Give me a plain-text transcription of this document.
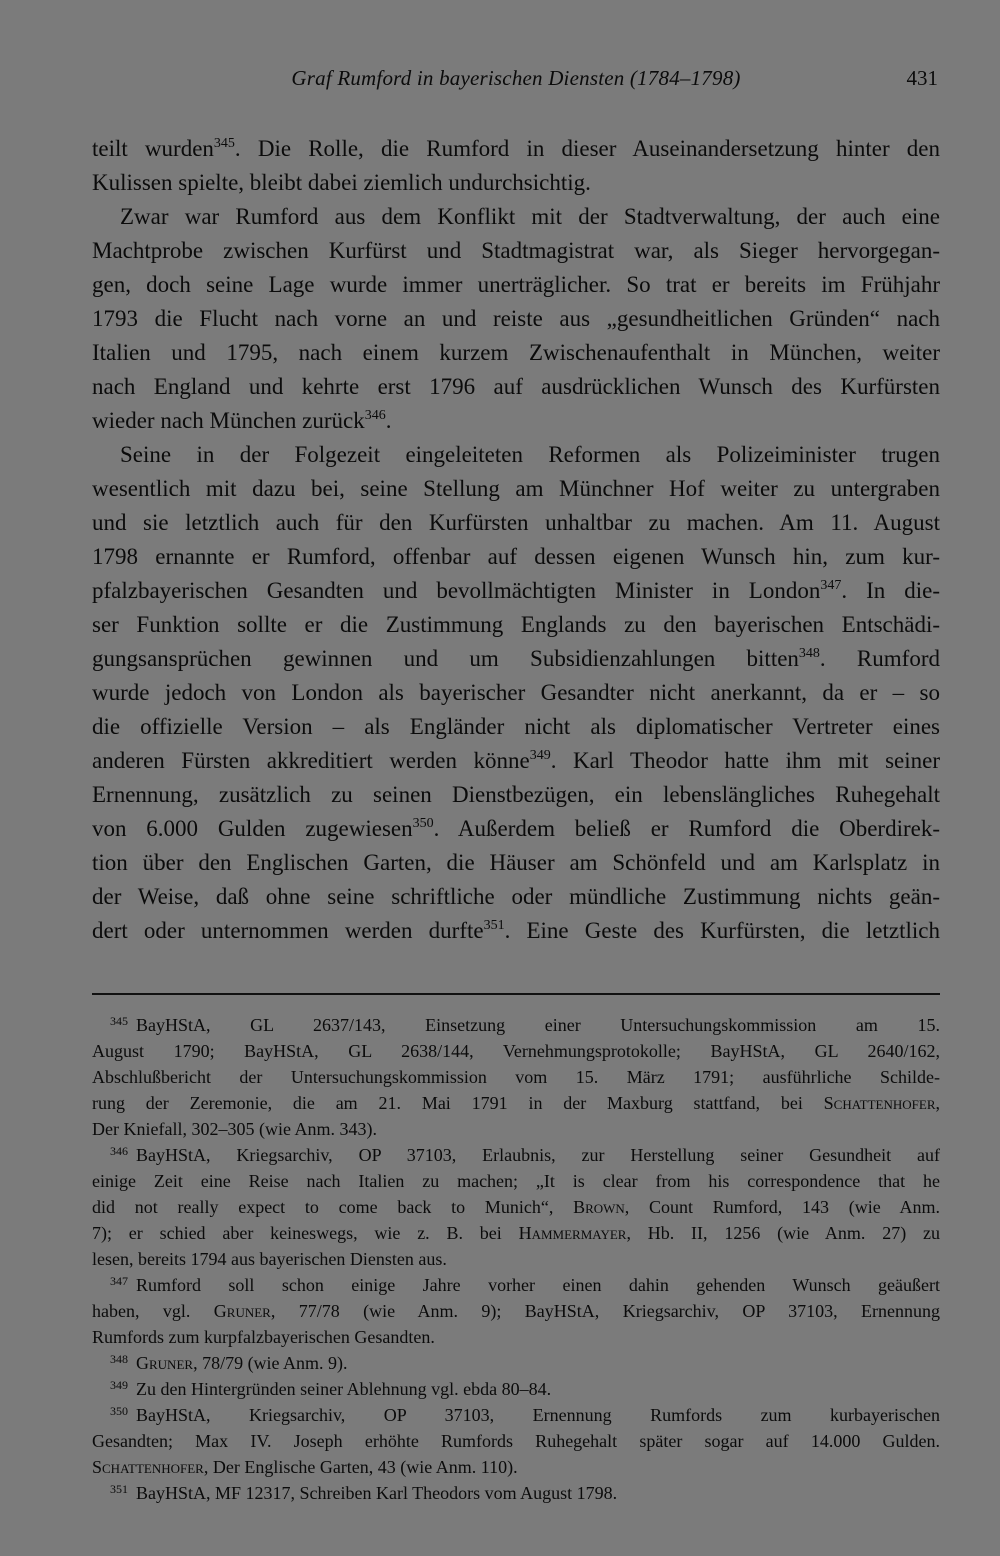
Graf Rumford in bayerischen Diensten (1784–1798)	431
teilt wurden$^{345}$. Die Rolle, die Rumford in dieser Auseinandersetzung hinter den
Kulissen spielte, bleibt dabei ziemlich undurchsichtig.
Zwar war Rumford aus dem Konflikt mit der Stadtverwaltung, der auch eine
Machtprobe zwischen Kurfürst und Stadtmagistrat war, als Sieger hervorgegan-
gen, doch seine Lage wurde immer unerträglicher. So trat er bereits im Frühjahr
1793 die Flucht nach vorne an und reiste aus „gesundheitlichen Gründen“ nach
Italien und 1795, nach einem kurzem Zwischenaufenthalt in München, weiter
nach England und kehrte erst 1796 auf ausdrücklichen Wunsch des Kurfürsten
wieder nach München zurück$^{346}$.
Seine in der Folgezeit eingeleiteten Reformen als Polizeiminister trugen
wesentlich mit dazu bei, seine Stellung am Münchner Hof weiter zu untergraben
und sie letztlich auch für den Kurfürsten unhaltbar zu machen. Am 11. August
1798 ernannte er Rumford, offenbar auf dessen eigenen Wunsch hin, zum kur-
pfalzbayerischen Gesandten und bevollmächtigten Minister in London$^{347}$. In die-
ser Funktion sollte er die Zustimmung Englands zu den bayerischen Entschädi-
gungsansprüchen gewinnen und um Subsidienzahlungen bitten$^{348}$. Rumford
wurde jedoch von London als bayerischer Gesandter nicht anerkannt, da er – so
die offizielle Version – als Engländer nicht als diplomatischer Vertreter eines
anderen Fürsten akkreditiert werden könne$^{349}$. Karl Theodor hatte ihm mit seiner
Ernennung, zusätzlich zu seinen Dienstbezügen, ein lebenslängliches Ruhegehalt
von 6.000 Gulden zugewiesen$^{350}$. Außerdem beließ er Rumford die Oberdirek-
tion über den Englischen Garten, die Häuser am Schönfeld und am Karlsplatz in
der Weise, daß ohne seine schriftliche oder mündliche Zustimmung nichts geän-
dert oder unternommen werden durfte$^{351}$. Eine Geste des Kurfürsten, die letztlich
$^{345}$ BayHStA, GL 2637/143, Einsetzung einer Untersuchungskommission am 15.
August 1790; BayHStA, GL 2638/144, Vernehmungsprotokolle; BayHStA, GL 2640/162,
Abschlußbericht der Untersuchungskommission vom 15. März 1791; ausführliche Schilde-
rung der Zeremonie, die am 21. Mai 1791 in der Maxburg stattfand, bei Schattenhofer,
Der Kniefall, 302–305 (wie Anm. 343).
$^{346}$ BayHStA, Kriegsarchiv, OP 37103, Erlaubnis, zur Herstellung seiner Gesundheit auf
einige Zeit eine Reise nach Italien zu machen; „It is clear from his correspondence that he
did not really expect to come back to Munich“, Brown, Count Rumford, 143 (wie Anm.
7); er schied aber keineswegs, wie z. B. bei Hammermayer, Hb. II, 1256 (wie Anm. 27) zu
lesen, bereits 1794 aus bayerischen Diensten aus.
$^{347}$ Rumford soll schon einige Jahre vorher einen dahin gehenden Wunsch geäußert
haben, vgl. Gruner, 77/78 (wie Anm. 9); BayHStA, Kriegsarchiv, OP 37103, Ernennung
Rumfords zum kurpfalzbayerischen Gesandten.
$^{348}$ Gruner, 78/79 (wie Anm. 9).
$^{349}$ Zu den Hintergründen seiner Ablehnung vgl. ebda 80–84.
$^{350}$ BayHStA, Kriegsarchiv, OP 37103, Ernennung Rumfords zum kurbayerischen
Gesandten; Max IV. Joseph erhöhte Rumfords Ruhegehalt später sogar auf 14.000 Gulden.
Schattenhofer, Der Englische Garten, 43 (wie Anm. 110).
$^{351}$ BayHStA, MF 12317, Schreiben Karl Theodors vom August 1798.
